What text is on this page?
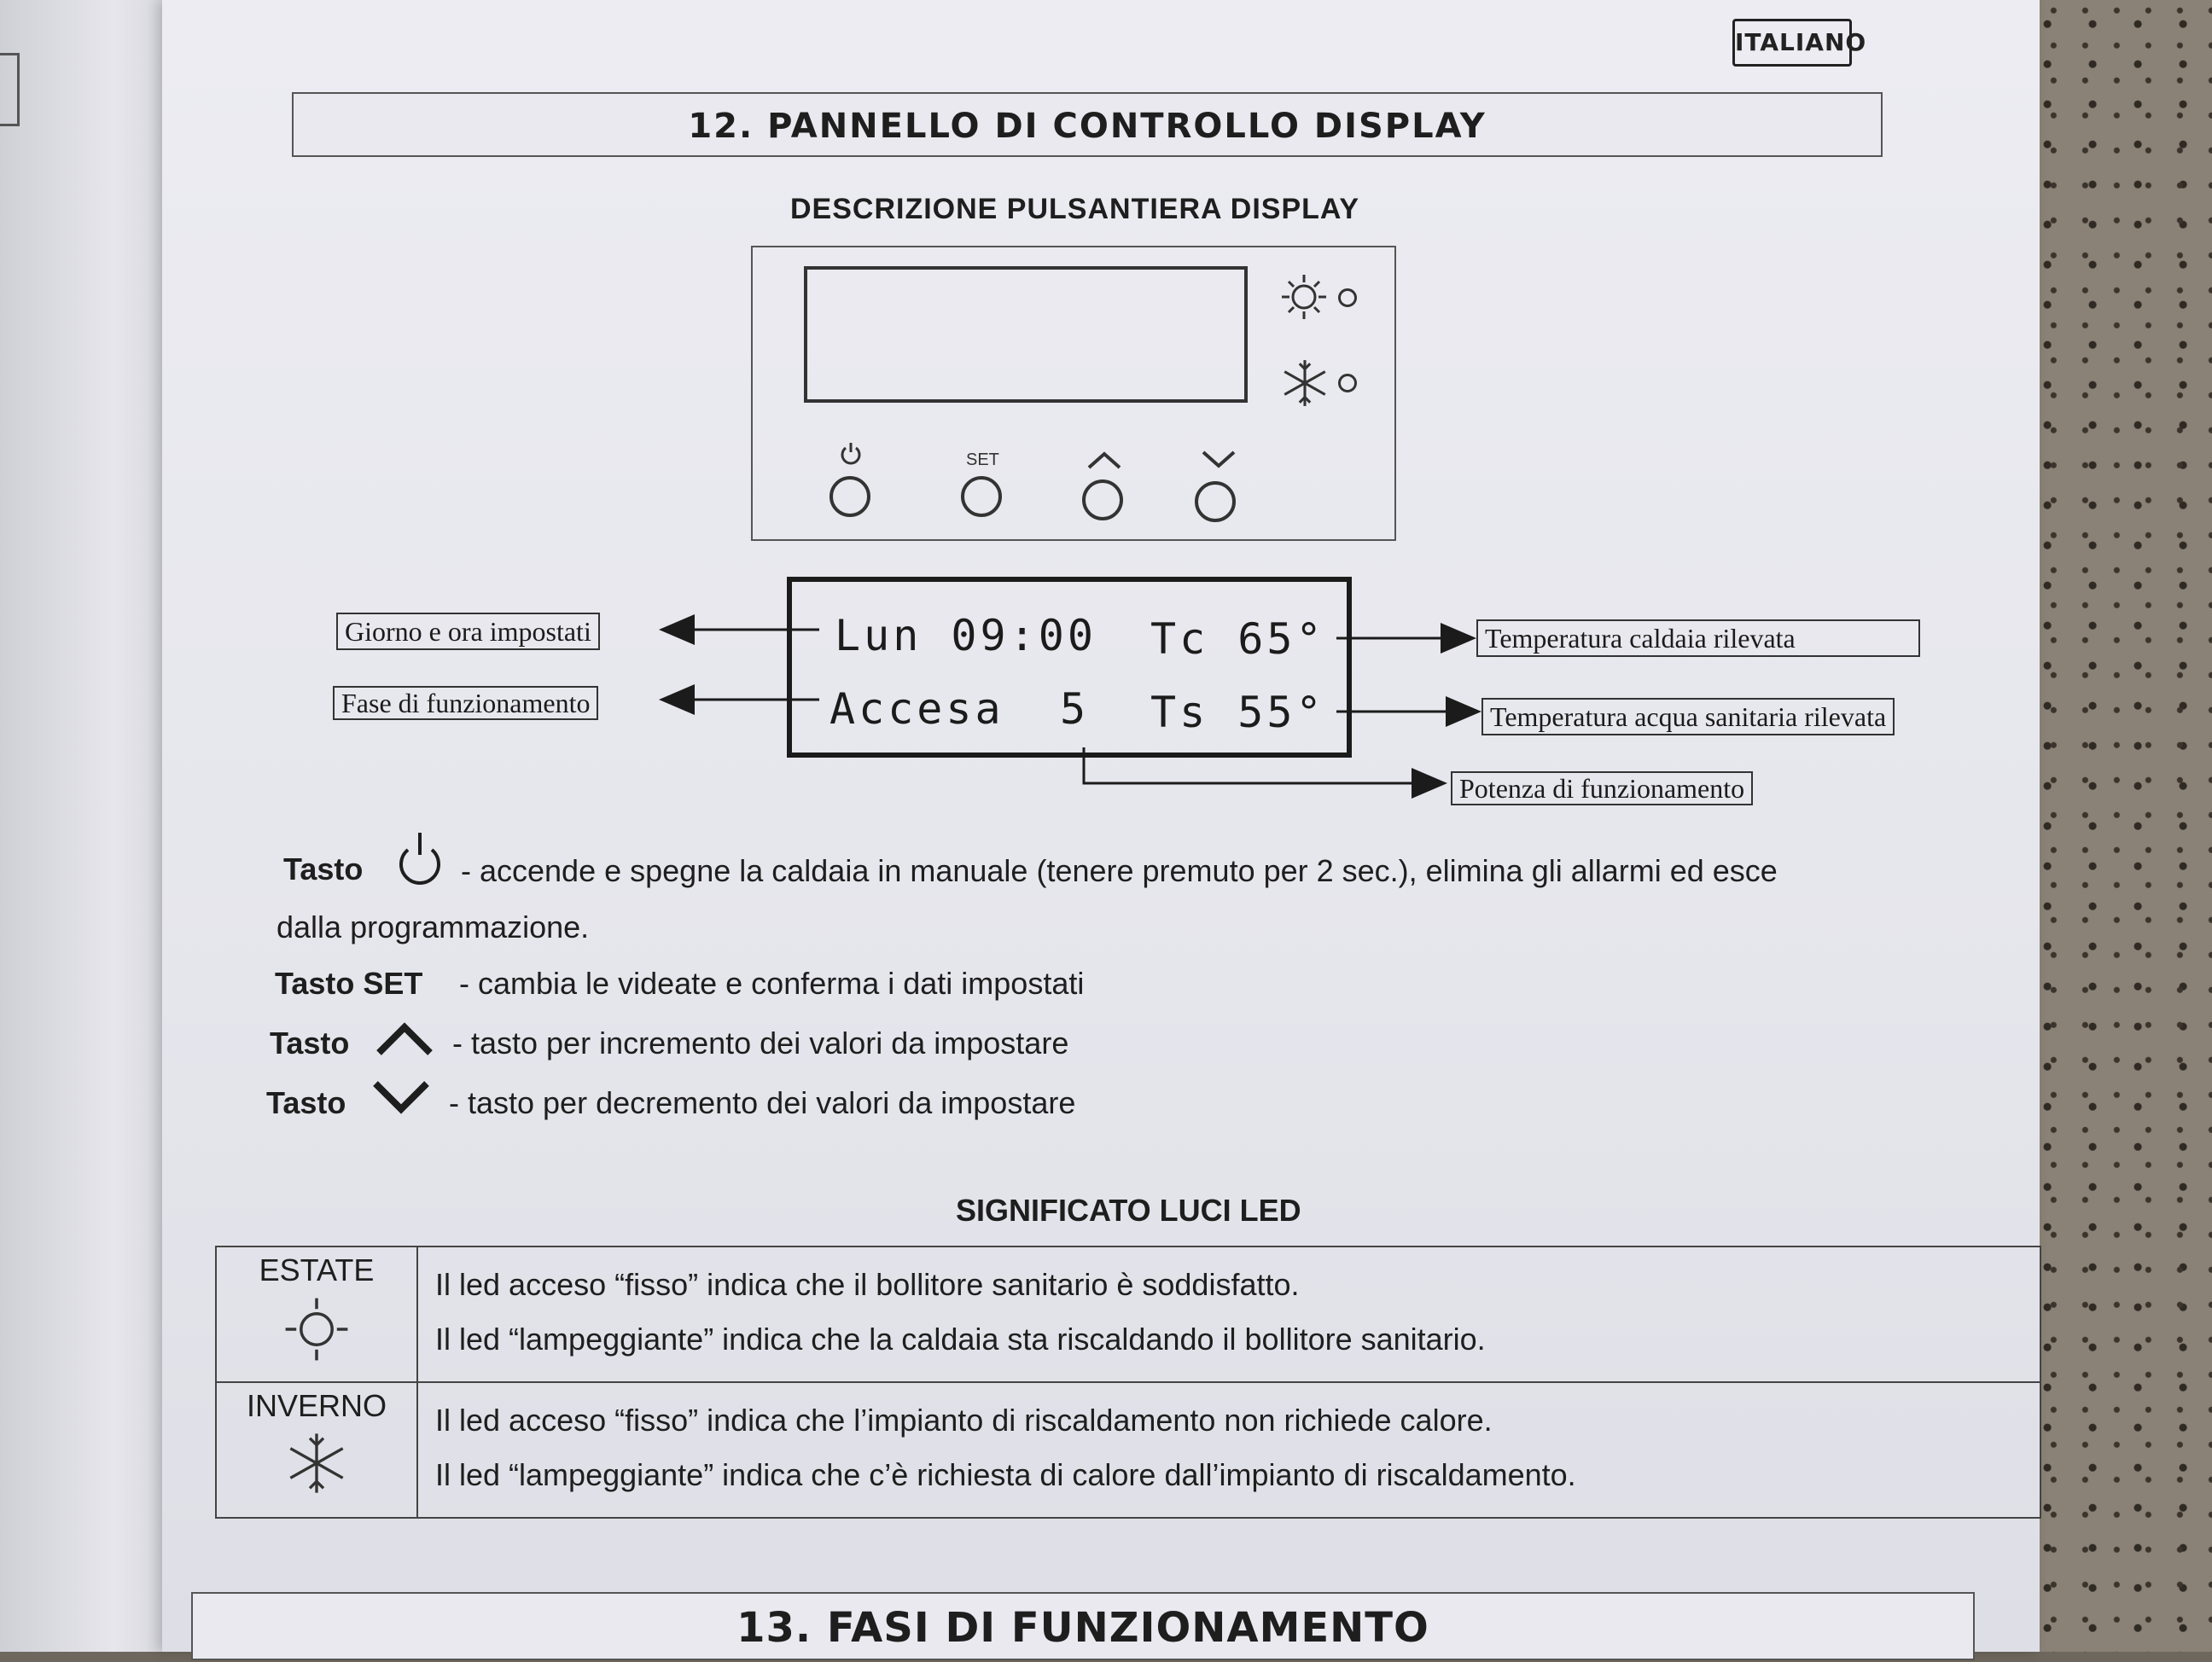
ITALIANO
12. PANNELLO DI CONTROLLO DISPLAY
DESCRIZIONE PULSANTIERA DISPLAY
SET
Lun 09:00 Tc 65°
Accesa 5 Ts 55°
Giorno e ora impostati
Fase di funzionamento
Temperatura caldaia rilevata
Temperatura acqua sanitaria rilevata
Potenza di funzionamento
Tasto	- accende e spegne la caldaia in manuale (tenere premuto per 2 sec.), elimina gli allarmi ed esce
dalla programmazione.
Tasto SET - cambia le videate e conferma i dati impostati
Tasto	- tasto per incremento dei valori da impostare
Tasto	- tasto per decremento dei valori da impostare
SIGNIFICATO LUCI LED
ESTATE	Il led acceso “fisso” indica che il bollitore sanitario è soddisfatto.
Il led “lampeggiante” indica che la caldaia sta riscaldando il bollitore sanitario.

INVERNO	Il led acceso “fisso” indica che l’impianto di riscaldamento non richiede calore.
Il led “lampeggiante” indica che c’è richiesta di calore dall’impianto di riscaldamento.
13. FASI DI FUNZIONAMENTO
